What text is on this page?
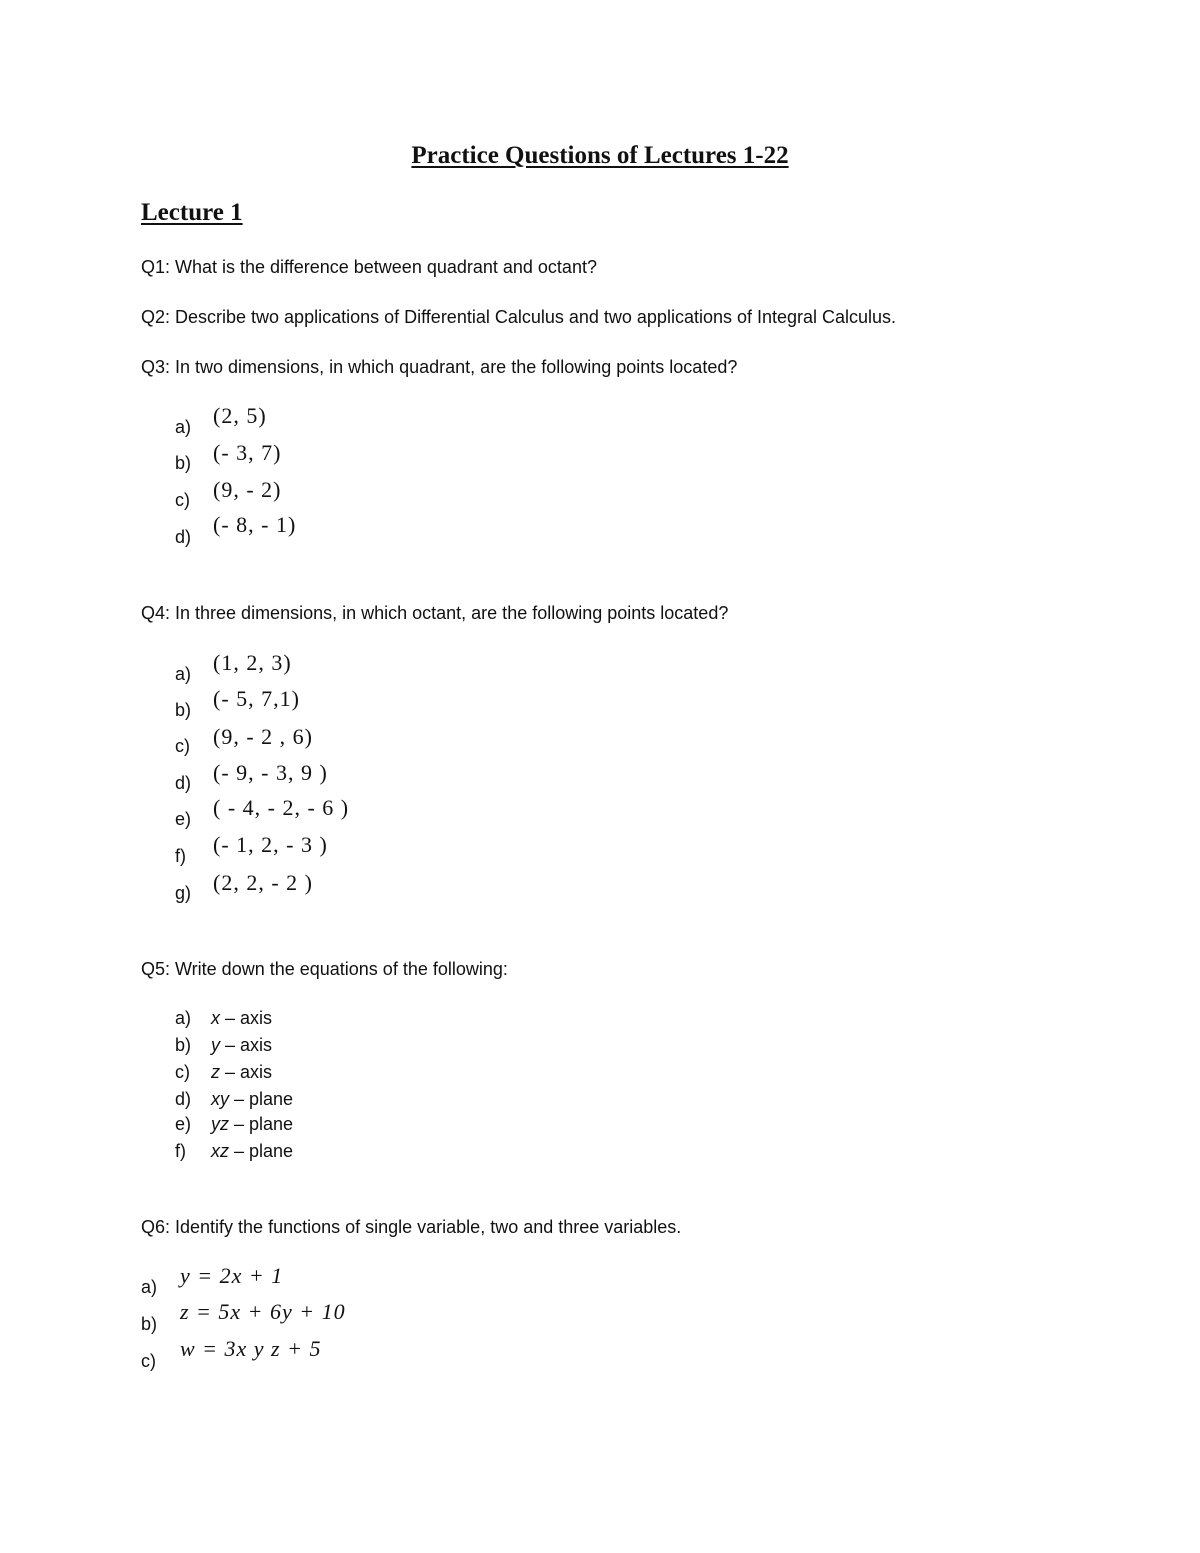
Practice Questions of Lectures 1-22
Lecture 1

Q1: What is the difference between quadrant and octant?

Q2: Describe two applications of Differential Calculus and two applications of Integral Calculus.

Q3: In two dimensions, in which quadrant, are the following points located?

a) (2, 5)
b) (- 3, 7)
c)	(9, - 2)
d) (- 8, - 1)

Q4: In three dimensions, in which octant, are the following points located?

a) (1, 2, 3)
b) (- 5, 7,1)
c)	(9, - 2 , 6)
d) (- 9, - 3, 9 )
e) ( - 4, - 2, - 6 )
f)	(- 1, 2, - 3 )
g) (2, 2, - 2 )

Q5: Write down the equations of the following:

a)	x – axis
b)	y – axis
c)	z – axis
d)	xy – plane
e)	yz – plane
f)	xz – plane

Q6: Identify the functions of single variable, two and three variables.

a)	y = 2x + 1
b)	z = 5x + 6y + 10
c)	w = 3x y z + 5
